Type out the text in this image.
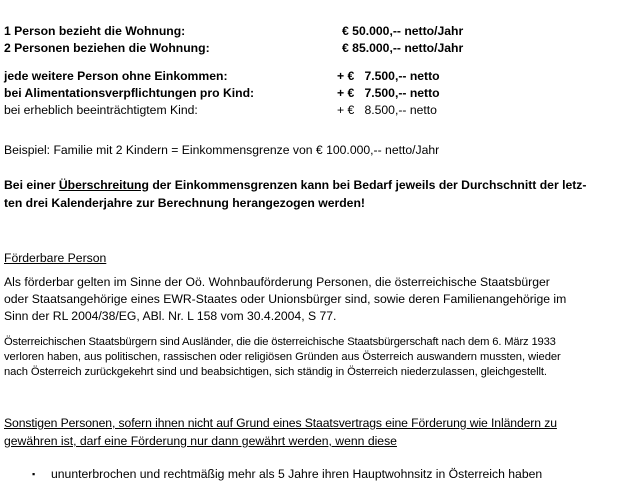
1 Person bezieht die Wohnung:	€ 50.000,-- netto/Jahr
2 Personen beziehen die Wohnung:	€ 85.000,-- netto/Jahr
jede weitere Person ohne Einkommen:	+ €   7.500,-- netto
bei Alimentationsverpflichtungen pro Kind:	+ €   7.500,-- netto
bei erheblich beeinträchtigtem Kind:	+ €   8.500,-- netto
Beispiel: Familie mit 2 Kindern = Einkommensgrenze von € 100.000,-- netto/Jahr
Bei einer Überschreitung der Einkommensgrenzen kann bei Bedarf jeweils der Durchschnitt der letz-
ten drei Kalenderjahre zur Berechnung herangezogen werden!
Förderbare Person
Als förderbar gelten im Sinne der Oö. Wohnbauförderung Personen, die österreichische Staatsbürger
oder Staatsangehörige eines EWR-Staates oder Unionsbürger sind, sowie deren Familienangehörige im
Sinn der RL 2004/38/EG, ABl. Nr. L 158 vom 30.4.2004, S 77.
Österreichischen Staatsbürgern sind Ausländer, die die österreichische Staatsbürgerschaft nach dem 6. März 1933
verloren haben, aus politischen, rassischen oder religiösen Gründen aus Österreich auswandern mussten, wieder
nach Österreich zurückgekehrt sind und beabsichtigen, sich ständig in Österreich niederzulassen, gleichgestellt.
Sonstigen Personen, sofern ihnen nicht auf Grund eines Staatsvertrags eine Förderung wie Inländern zu
gewähren ist, darf eine Förderung nur dann gewährt werden, wenn diese
▪ ununterbrochen und rechtmäßig mehr als 5 Jahre ihren Hauptwohnsitz in Österreich haben
